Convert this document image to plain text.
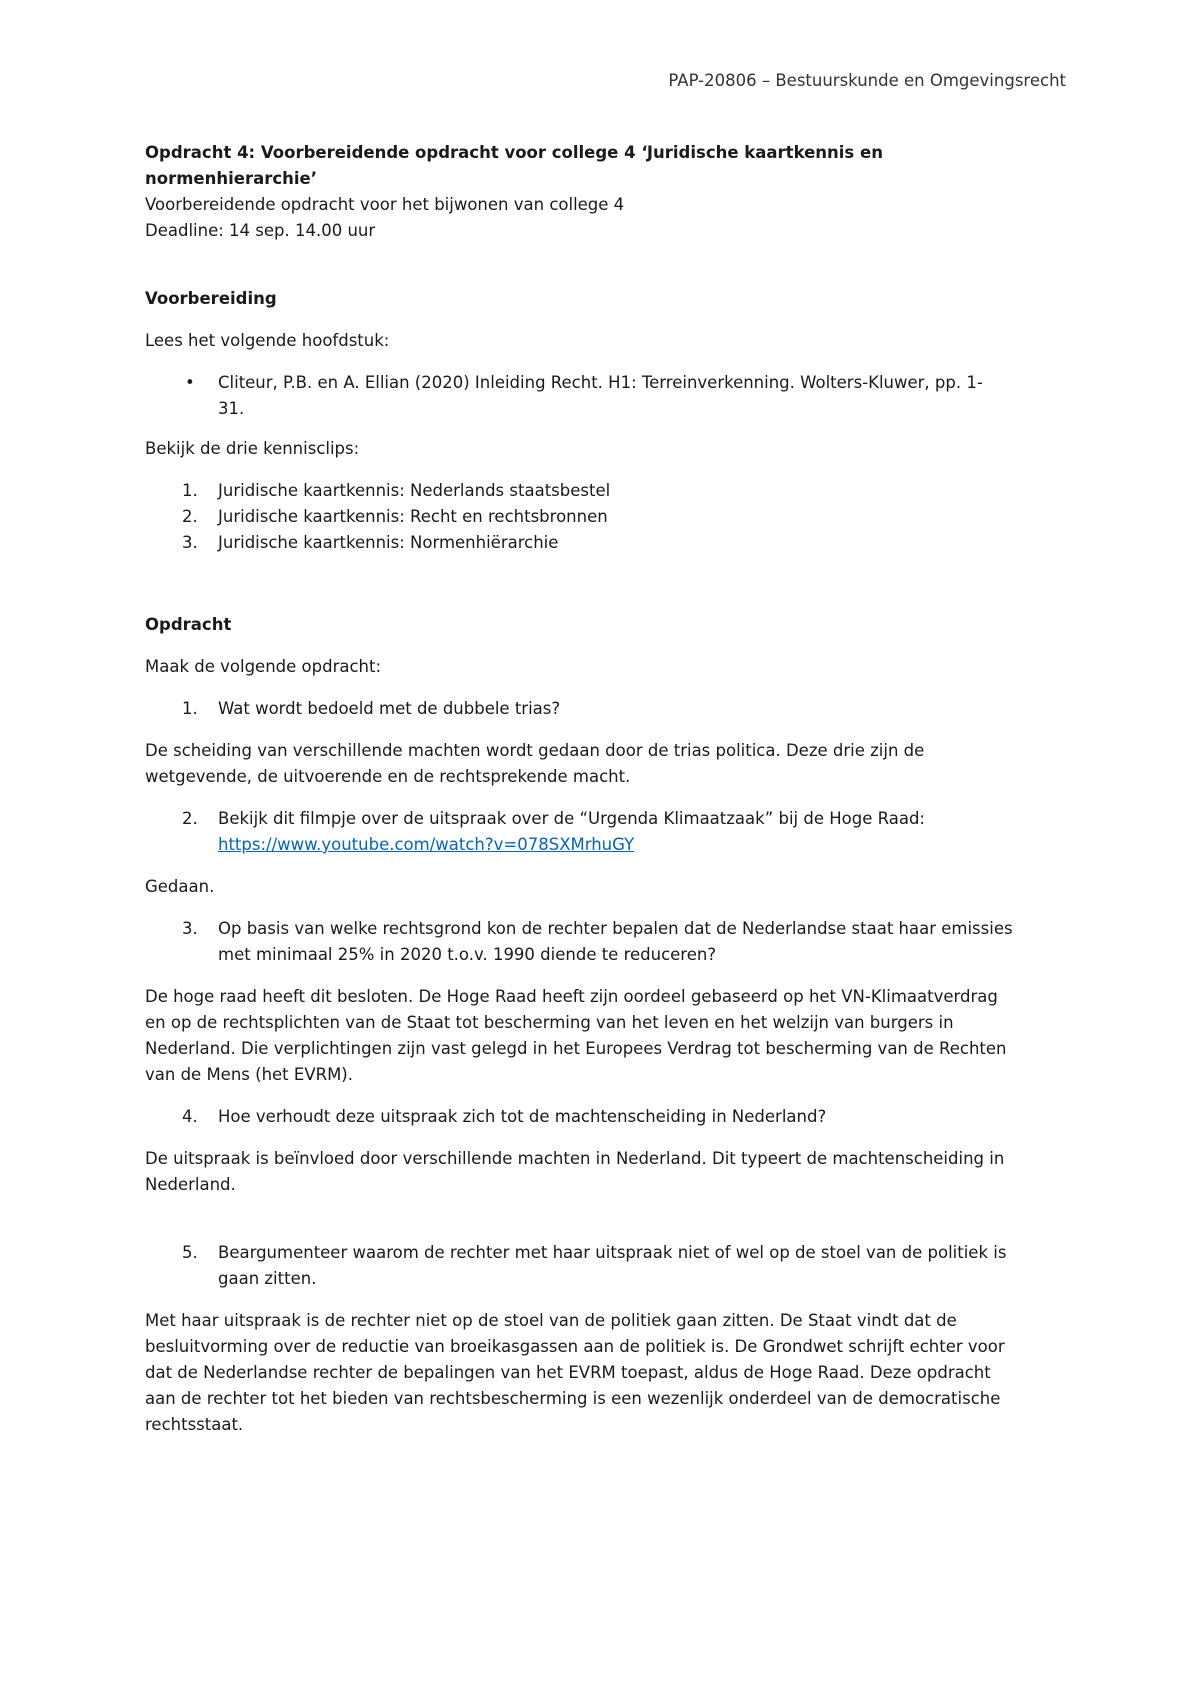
PAP-20806 – Bestuurskunde en Omgevingsrecht
Opdracht 4: Voorbereidende opdracht voor college 4 ‘Juridische kaartkennis en
normenhierarchie’
Voorbereidende opdracht voor het bijwonen van college 4
Deadline: 14 sep. 14.00 uur
Voorbereiding

Lees het volgende hoofdstuk:

• Cliteur, P.B. en A. Ellian (2020) Inleiding Recht. H1: Terreinverkenning. Wolters-Kluwer, pp. 1-
31.

Bekijk de drie kennisclips:

1. Juridische kaartkennis: Nederlands staatsbestel
2. Juridische kaartkennis: Recht en rechtsbronnen
3. Juridische kaartkennis: Normenhiërarchie
Opdracht

Maak de volgende opdracht:

1. Wat wordt bedoeld met de dubbele trias?

De scheiding van verschillende machten wordt gedaan door de trias politica. Deze drie zijn de
wetgevende, de uitvoerende en de rechtsprekende macht.

2. Bekijk dit filmpje over de uitspraak over de “Urgenda Klimaatzaak” bij de Hoge Raad:
https://www.youtube.com/watch?v=078SXMrhuGY

Gedaan.

3. Op basis van welke rechtsgrond kon de rechter bepalen dat de Nederlandse staat haar emissies
met minimaal 25% in 2020 t.o.v. 1990 diende te reduceren?

De hoge raad heeft dit besloten. De Hoge Raad heeft zijn oordeel gebaseerd op het VN-Klimaatverdrag
en op de rechtsplichten van de Staat tot bescherming van het leven en het welzijn van burgers in
Nederland. Die verplichtingen zijn vast gelegd in het Europees Verdrag tot bescherming van de Rechten
van de Mens (het EVRM).

4. Hoe verhoudt deze uitspraak zich tot de machtenscheiding in Nederland?

De uitspraak is beïnvloed door verschillende machten in Nederland. Dit typeert de machtenscheiding in
Nederland.

5. Beargumenteer waarom de rechter met haar uitspraak niet of wel op de stoel van de politiek is
gaan zitten.

Met haar uitspraak is de rechter niet op de stoel van de politiek gaan zitten. De Staat vindt dat de
besluitvorming over de reductie van broeikasgassen aan de politiek is. De Grondwet schrijft echter voor
dat de Nederlandse rechter de bepalingen van het EVRM toepast, aldus de Hoge Raad. Deze opdracht
aan de rechter tot het bieden van rechtsbescherming is een wezenlijk onderdeel van de democratische
rechtsstaat.
